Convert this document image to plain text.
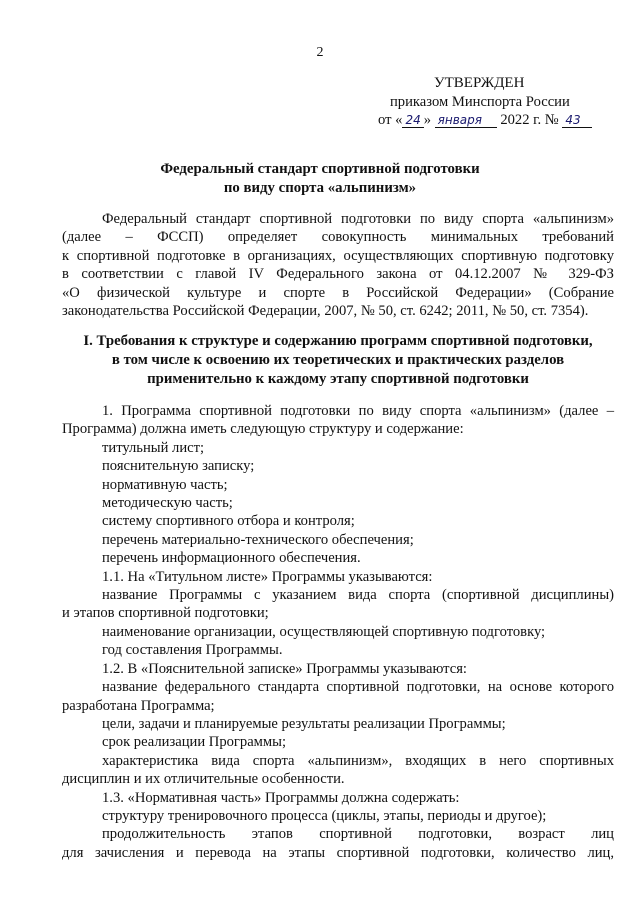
2
УТВЕРЖДЕН
приказом Минспорта России
от « 24 » января 2022 г. № 43
Федеральный стандарт спортивной подготовки
по виду спорта «альпинизм»

Федеральный стандарт спортивной подготовки по виду спорта «альпинизм»

(далее – ФССП) определяет совокупность минимальных требований

к спортивной подготовке в организациях, осуществляющих спортивную подготовку

в соответствии с главой IV Федерального закона от 04.12.2007 № 329-ФЗ

«О физической культуре и спорте в Российской Федерации» (Собрание

законодательства Российской Федерации, 2007, № 50, ст. 6242; 2011, № 50, ст. 7354).

I. Требования к структуре и содержанию программ спортивной подготовки,
в том числе к освоению их теоретических и практических разделов
применительно к каждому этапу спортивной подготовки

1. Программа спортивной подготовки по виду спорта «альпинизм» (далее –

Программа) должна иметь следующую структуру и содержание:

титульный лист;

пояснительную записку;

нормативную часть;

методическую часть;

систему спортивного отбора и контроля;

перечень материально-технического обеспечения;

перечень информационного обеспечения.

1.1. На «Титульном листе» Программы указываются:

название Программы с указанием вида спорта (спортивной дисциплины)

и этапов спортивной подготовки;

наименование организации, осуществляющей спортивную подготовку;

год составления Программы.

1.2. В «Пояснительной записке» Программы указываются:

название федерального стандарта спортивной подготовки, на основе которого

разработана Программа;

цели, задачи и планируемые результаты реализации Программы;

срок реализации Программы;

характеристика вида спорта «альпинизм», входящих в него спортивных

дисциплин и их отличительные особенности.

1.3. «Нормативная часть» Программы должна содержать:

структуру тренировочного процесса (циклы, этапы, периоды и другое);

продолжительность этапов спортивной подготовки, возраст лиц

для зачисления и перевода на этапы спортивной подготовки, количество лиц,
